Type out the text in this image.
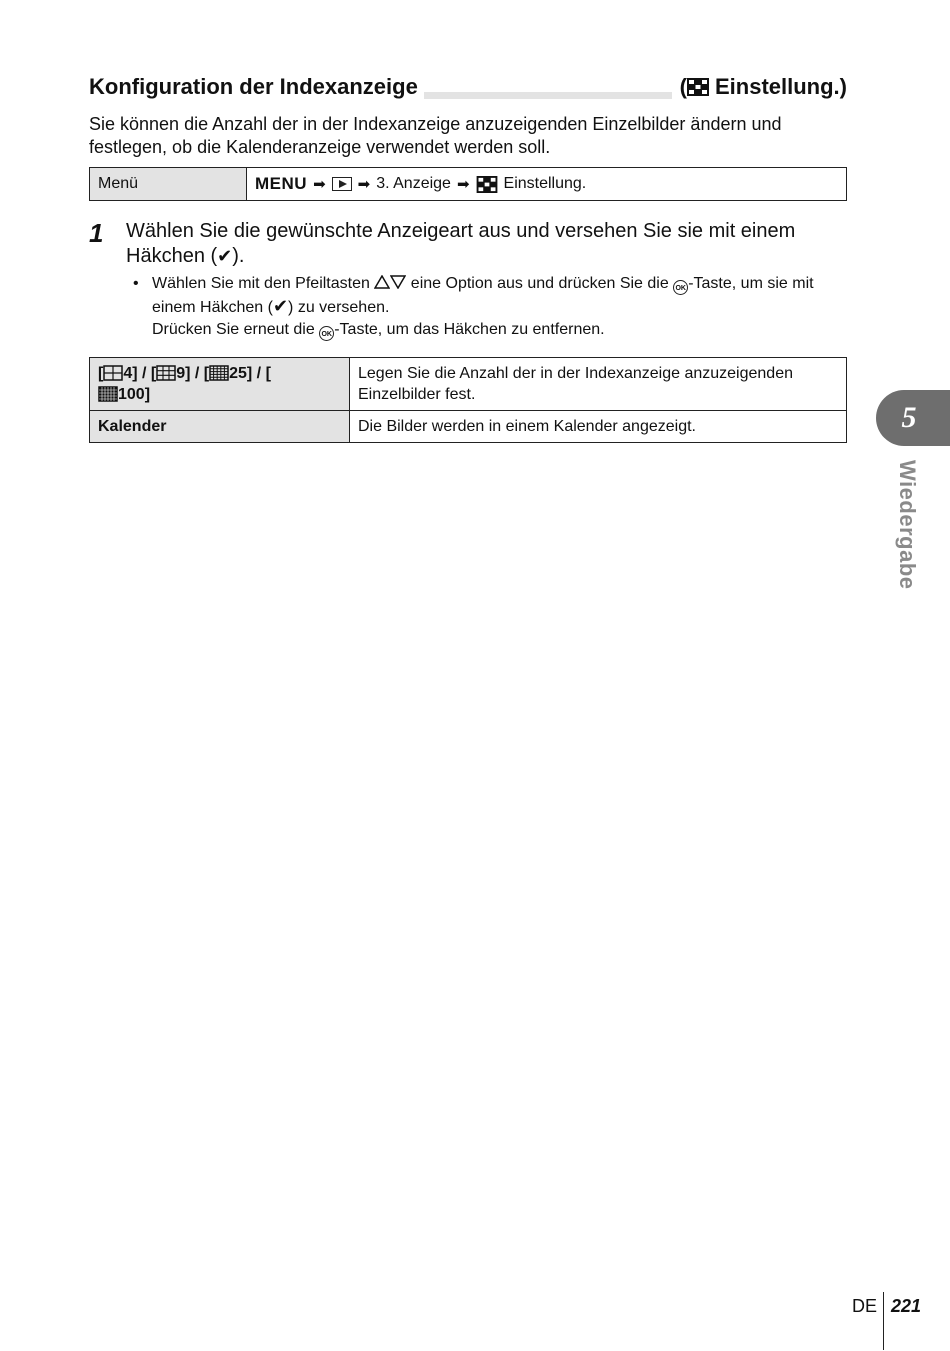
Konfiguration der Indexanzeige	( Einstellung.)
Sie können die Anzahl der in der Indexanzeige anzuzeigenden Einzelbilder ändern und festlegen, ob die Kalenderanzeige verwendet werden soll.
Menü	MENU ➡ ➡ 3. Anzeige ➡ Einstellung.
1 Wählen Sie die gewünschte Anzeigeart aus und versehen Sie sie mit einem Häkchen (✔).
• Wählen Sie mit den Pfeiltasten	eine Option aus und drücken Sie die OK -Taste, um sie mit einem Häkchen (✔) zu versehen.
Drücken Sie erneut die OK -Taste, um das Häkchen zu entfernen.
[ 4] / [ 9] / [ 25] / [
100]	Legen Sie die Anzahl der in der Indexanzeige anzuzeigenden Einzelbilder fest.
Kalender	Die Bilder werden in einem Kalender angezeigt.	5
Wiedergabe
DE 221
